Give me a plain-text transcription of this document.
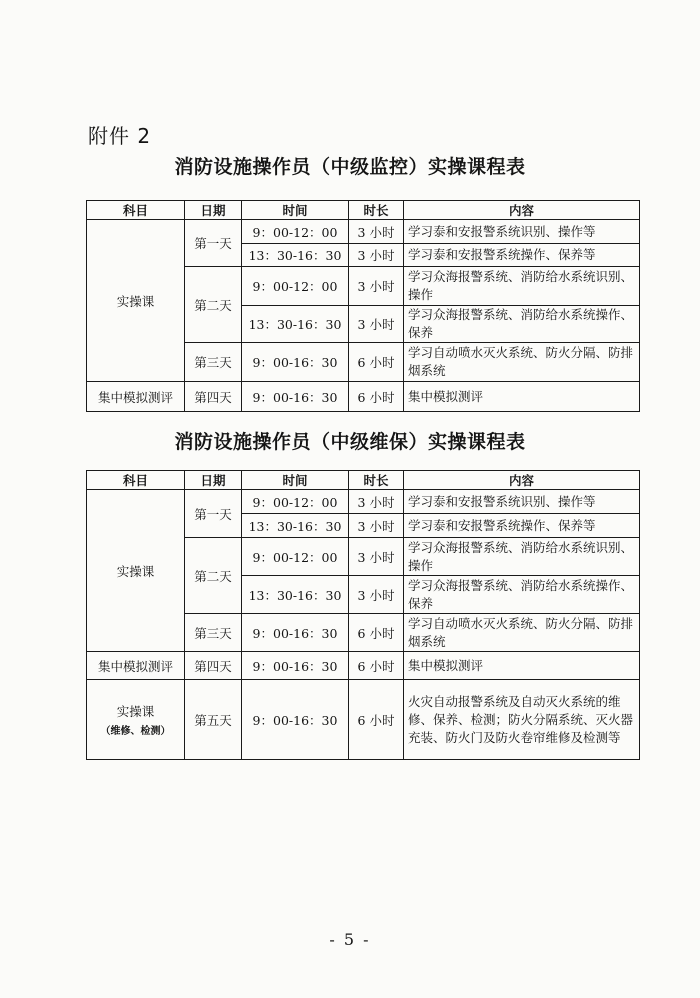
附件 2
消防设施操作员（中级监控）实操课程表
科目	日期	时间	时长	内容
实操课	第一天	9：00-12：00	3 小时	学习泰和安报警系统识别、操作等
		13：30-16：30	3 小时	学习泰和安报警系统操作、保养等
	第二天	9：00-12：00	3 小时	学习众海报警系统、消防给水系统识别、操作
		13：30-16：30	3 小时	学习众海报警系统、消防给水系统操作、保养
	第三天	9：00-16：30	6 小时	学习自动喷水灭火系统、防火分隔、防排烟系统
集中模拟测评	第四天	9：00-16：30	6 小时	集中模拟测评
消防设施操作员（中级维保）实操课程表
科目	日期	时间	时长	内容
实操课	第一天	9：00-12：00	3 小时	学习泰和安报警系统识别、操作等
		13：30-16：30	3 小时	学习泰和安报警系统操作、保养等
	第二天	9：00-12：00	3 小时	学习众海报警系统、消防给水系统识别、操作
		13：30-16：30	3 小时	学习众海报警系统、消防给水系统操作、保养
	第三天	9：00-16：30	6 小时	学习自动喷水灭火系统、防火分隔、防排烟系统
集中模拟测评	第四天	9：00-16：30	6 小时	集中模拟测评
实操课
（维修、检测）	第五天	9：00-16：30	6 小时	火灾自动报警系统及自动灭火系统的维修、保养、检测；防火分隔系统、灭火器充装、防火门及防火卷帘维修及检测等
- 5 -
